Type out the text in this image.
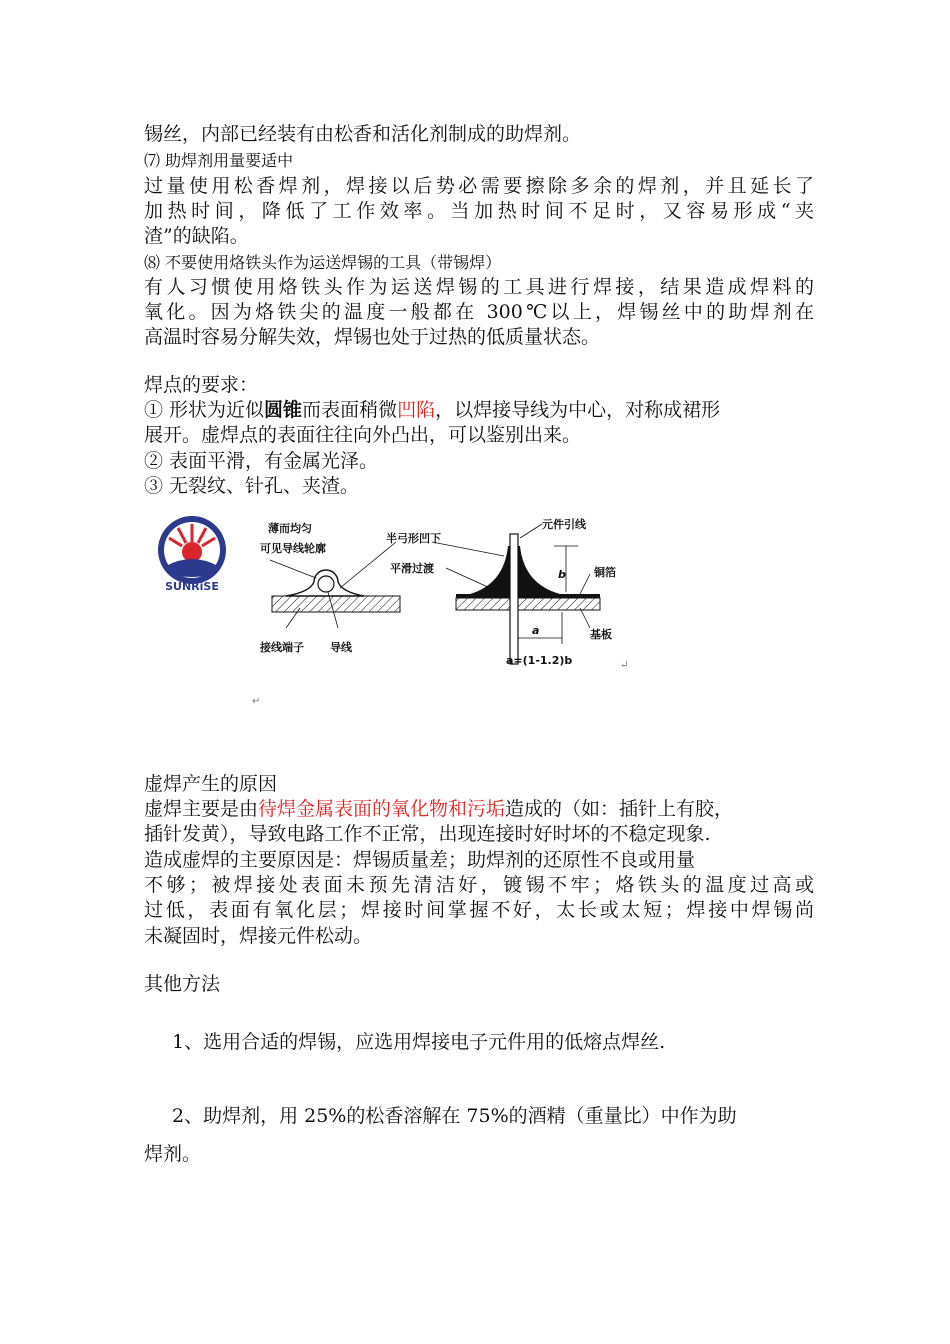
锡丝，内部已经装有由松香和活化剂制成的助焊剂。
⑺ 助焊剂用量要适中
过量使用松香焊剂，焊接以后势必需要擦除多余的焊剂，并且延长了
加热时间，降低了工作效率。当加热时间不足时，又容易形成“夹
渣”的缺陷。
⑻ 不要使用烙铁头作为运送焊锡的工具（带锡焊）
有人习惯使用烙铁头作为运送焊锡的工具进行焊接，结果造成焊料的
氧化。因为烙铁尖的温度一般都在 300℃以上，焊锡丝中的助焊剂在
高温时容易分解失效，焊锡也处于过热的低质量状态。
焊点的要求：
① 形状为近似圆锥而表面稍微凹陷，以焊接导线为中心，对称成裙形
展开。虚焊点的表面往往向外凸出，可以鉴别出来。
② 表面平滑，有金属光泽。
③ 无裂纹、针孔、夹渣。
SUNRiSE
薄而均匀
可见导线轮廓
接线端子 导线
半弓形凹下
平滑过渡
元件引线
b	铜箔
a	基板
a=(1-1.2)b	↵
↵
虚焊产生的原因
虚焊主要是由待焊金属表面的氧化物和污垢造成的（如：插针上有胶，
插针发黄），导致电路工作不正常，出现连接时好时坏的不稳定现象.
造成虚焊的主要原因是：焊锡质量差；助焊剂的还原性不良或用量
不够；被焊接处表面未预先清洁好，镀锡不牢；烙铁头的温度过高或
过低，表面有氧化层；焊接时间掌握不好，太长或太短；焊接中焊锡尚
未凝固时，焊接元件松动。
其他方法
1、选用合适的焊锡，应选用焊接电子元件用的低熔点焊丝.
2、助焊剂，用 25%的松香溶解在 75%的酒精（重量比）中作为助
焊剂。
